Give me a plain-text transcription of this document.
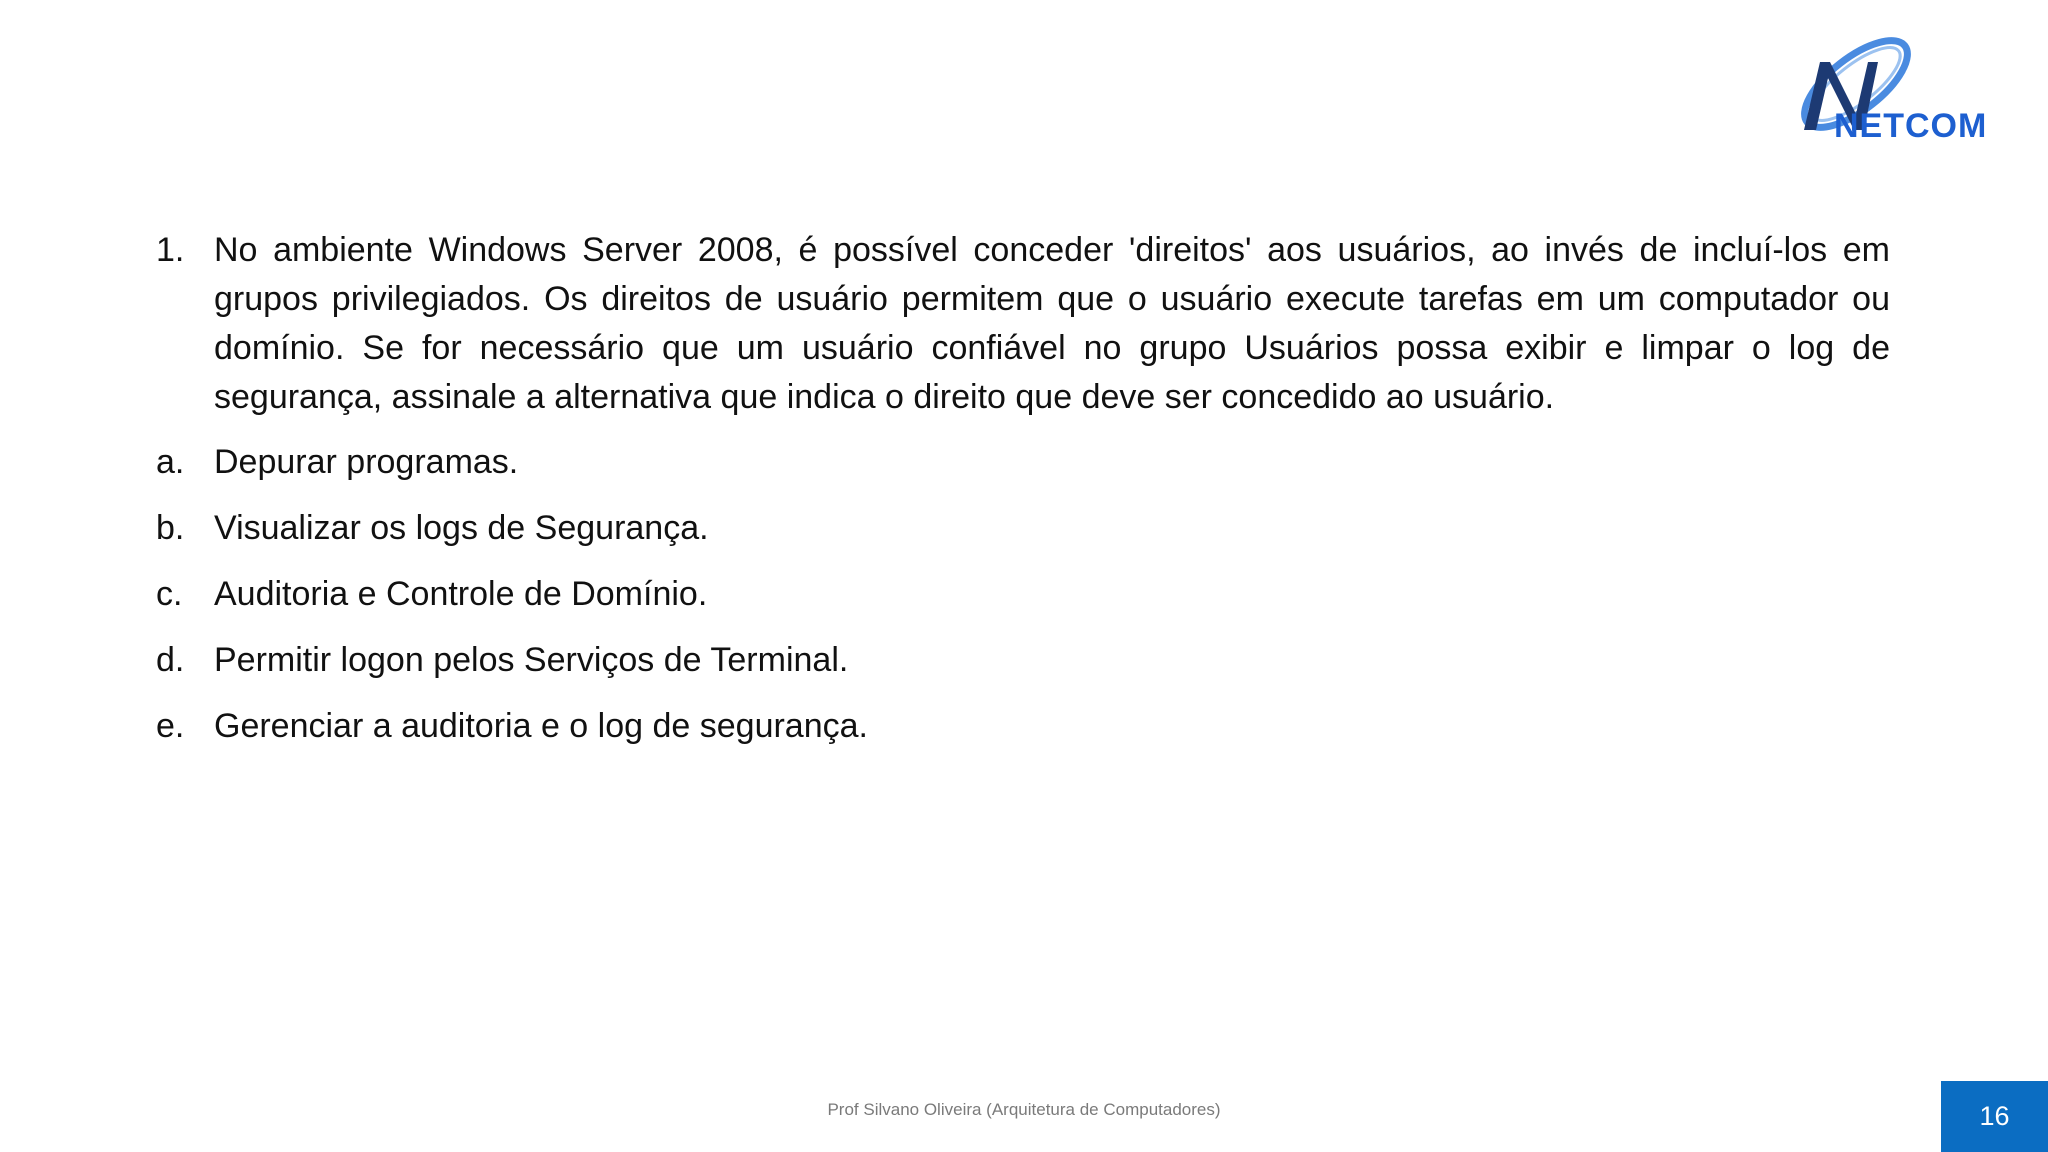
NETCOM
1. No ambiente Windows Server 2008, é possível conceder 'direitos' aos usuários, ao invés de incluí-los em grupos privilegiados. Os direitos de usuário permitem que o usuário execute tarefas em um computador ou domínio. Se for necessário que um usuário confiável no grupo Usuários possa exibir e limpar o log de segurança, assinale a alternativa que indica o direito que deve ser concedido ao usuário.
a. Depurar programas.
b. Visualizar os logs de Segurança.
c. Auditoria e Controle de Domínio.
d. Permitir logon pelos Serviços de Terminal.
e. Gerenciar a auditoria e o log de segurança.
Prof Silvano Oliveira (Arquitetura de Computadores)	16
